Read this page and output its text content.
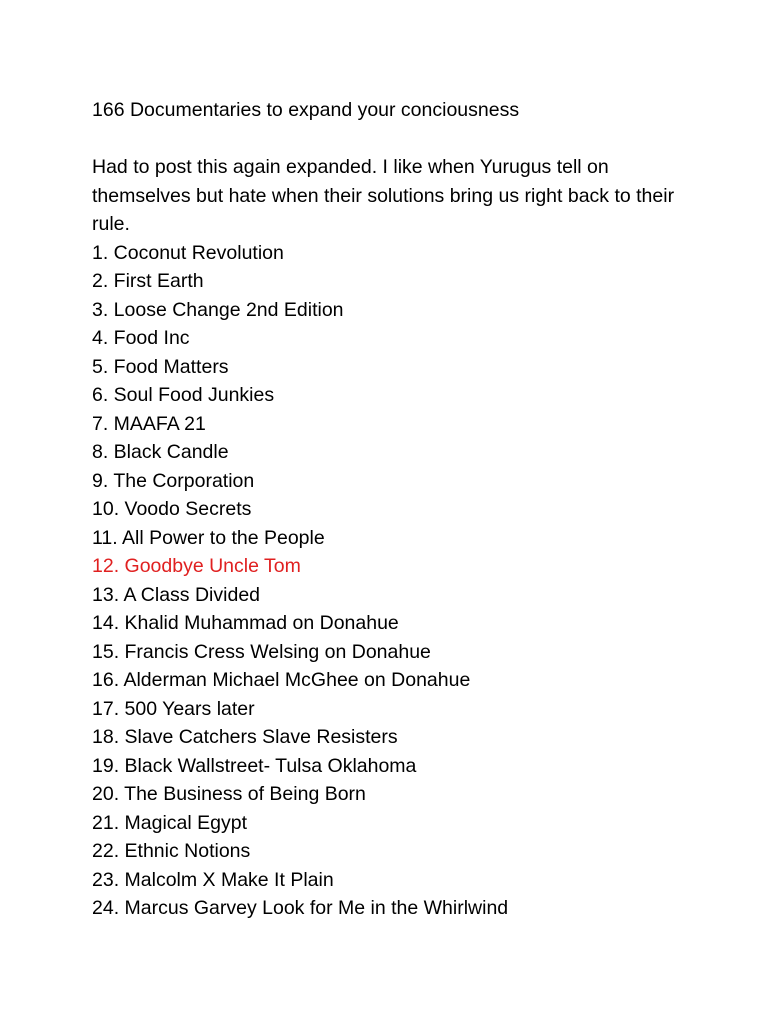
166 Documentaries to expand your conciousness

Had to post this again expanded. I like when Yurugus tell on themselves but hate when their solutions bring us right back to their rule.

1. Coconut Revolution
2. First Earth
3. Loose Change 2nd Edition
4. Food Inc
5. Food Matters
6. Soul Food Junkies
7. MAAFA 21
8. Black Candle
9. The Corporation
10. Voodo Secrets
11. All Power to the People
12. Goodbye Uncle Tom
13. A Class Divided
14. Khalid Muhammad on Donahue
15. Francis Cress Welsing on Donahue
16. Alderman Michael McGhee on Donahue
17. 500 Years later
18. Slave Catchers Slave Resisters
19. Black Wallstreet- Tulsa Oklahoma
20. The Business of Being Born
21. Magical Egypt
22. Ethnic Notions
23. Malcolm X Make It Plain
24. Marcus Garvey Look for Me in the Whirlwind
